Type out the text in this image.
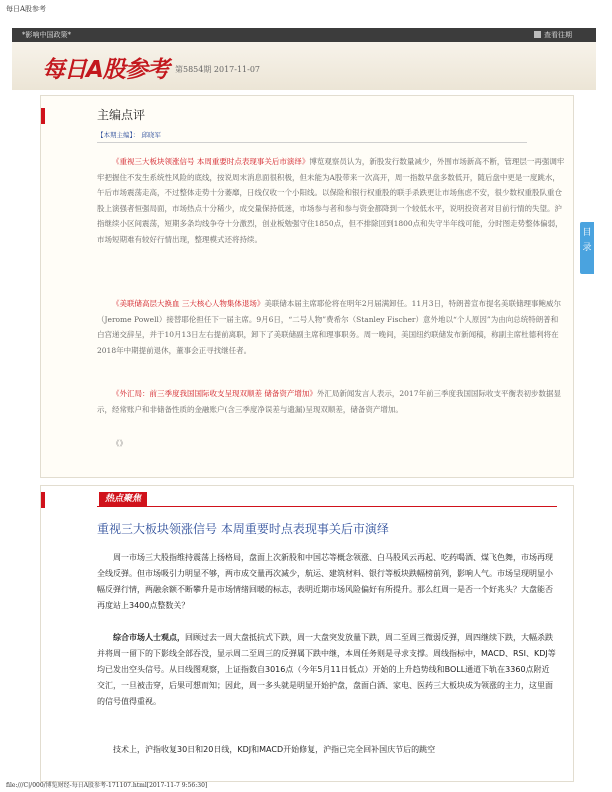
每日A股参考
*影响中国政策*	查看往期
每日A股参考 第5854期 2017-11-07
主编点评
【本期主编】： 邱晓军

《重视三大板块领涨信号 本周重要时点表现事关后市演绎》博览观察员认为，新股发行数量减少，外围市场新高不断，管理层一再强调牢牢把握住不发生系统性风险的底线，按说周末消息面很积极，但未能为A股带来一次高开，周一指数早盘多数低开，随后盘中更是一度跳水，午后市场震荡走高，不过整体走势十分萎靡，日线仅收一个小阳线。以保险和银行权重股的联手杀跌更让市场焦虑不安，很少数权重股队重仓股上演强者恒强局面，市场热点十分稀少，成交量保持低迷，市场参与者和参与资金都降到一个较低水平，说明投资者对目前行情的失望。沪指继续小区间震荡，短期多条均线争夺十分激烈，创业板勉强守住1850点，但不排除回到1800点和失守半年线可能，分时图走势整体偏弱，市场短期难有较好行情出现，整理模式还将持续。

《美联储高层大换血 三大核心人物集体退场》美联储本届主席耶伦将在明年2月届满卸任。11月3日，特朗普宣布提名美联储理事鲍威尔（Jerome Powell）接替耶伦担任下一届主席。9月6日，“二号人物”费希尔（Stanley Fischer）意外地以“个人原因”为由向总统特朗普和白宫递交辞呈，并于10月13日左右提前离职，卸下了美联储副主席和理事职务。周一晚间，美国纽约联储发布新闻稿，称副主席杜德利将在2018年中期提前退休，董事会正寻找继任者。

《外汇局：前三季度我国国际收支呈现双顺差 储备资产增加》外汇局新闻发言人表示，2017年前三季度我国国际收支平衡表初步数据显示，经常账户和非储备性质的金融账户(含三季度净误差与遗漏)呈现双顺差，储备资产增加。

《》

热点聚焦
重视三大板块领涨信号 本周重要时点表现事关后市演绎

周一市场三大股指维持震荡上扬格局，盘面上次新股和中国芯等概念领涨、白马股风云再起、吃药喝酒、煤飞色舞，市场再现全线反弹。但市场吸引力明显不够，两市成交量再次减少，航运、建筑材料、银行等板块跌幅榜前列，影响人气。市场呈现明显小幅反弹行情，两融余额不断攀升是市场情绪回暖的标志，表明近期市场风险偏好有所提升。那么红周一是否一个好兆头？大盘能否再度站上3400点整数关？

综合市场人士观点，回顾过去一周大盘抵抗式下跌，周一大盘突发放量下跌，周二至周三微弱反弹，周四继续下跌，大幅杀跌并将周一留下的下影线全部吞没，显示周二至周三的反弹属下跌中继，本周任务则是寻求支撑。周线指标中，MACD、RSI、KDJ等均已发出空头信号。从日线图观察，上证指数自3016点（今年5月11日低点）开始的上升趋势线和BOLL通道下轨在3360点附近交汇，一旦被击穿，后果可想而知；因此，周一多头就是明显开始护盘，盘面白酒、家电、医药三大板块成为领涨的主力，这里面的信号值得重视。

技术上，沪指收复30日和20日线，KDJ和MACD开始修复，沪指已完全回补国庆节后的跳空

目录
file:///C|/000/博览财经-每日A股参考-171107.html[2017-11-7 9:56:30]
